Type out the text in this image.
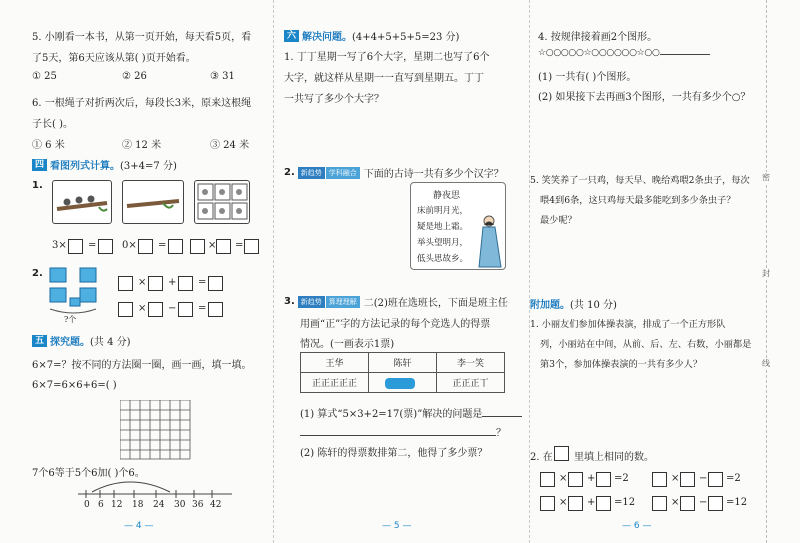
5. 小刚看一本书，从第一页开始，每天看5页，看
了5天，第6天应该从第( )页开始看。
① 25	② 26	③ 31
6. 一根绳子对折两次后，每段长3米，原来这根绳
子长( )。
① 6 米	② 12 米	③ 24 米
四 看图列式计算。 (3+4=7 分)
1.
3× =	0× =	× =
2.
?个
× + =
× − =
五 探究题。 (共 4 分)
6×7=？按不同的方法圈一圈，画一画，填一填。
6×7=6×6+6=( )
7个6等于5个6加( )个6。
0 6 12 18 24 30 36 42
— 4 —
六 解决问题。 (4+4+5+5+5=23 分)
1. 丁丁星期一写了6个大字，星期二也写了6个
大字，就这样从星期一一直写到星期五。丁丁
一共写了多少个大字？
2. 新趋势	学科融合 下面的古诗一共有多少个汉字？
静夜思
床前明月光，
疑是地上霜。
举头望明月，
低头思故乡。
3. 新趋势	算理理解 二(2)班在选班长，下面是班主任
用画“正”字的方法记录的每个竞选人的得票
情况。(一画表示1票)
王华	陈轩	李一笑
正正正正正		正正正丅
(1) 算式“5×3+2=17(票)”解决的问题是
？
(2) 陈轩的得票数排第二，他得了多少票？
— 5 —
4. 按规律接着画2个图形。
☆○○○○○☆○○○○○○☆○○
(1) 一共有( )个图形。
(2) 如果接下去再画3个图形，一共有多少个○？
5. 笑笑养了一只鸡，每天早、晚给鸡喂2条虫子，每次
喂4到6条，这只鸡每天最多能吃到多少条虫子？
最少呢？
附加题。 (共 10 分)
1. 小丽友们参加体操表演，排成了一个正方形队
列，小丽站在中间，从前、后、左、右数，小丽都是
第3个，参加体操表演的一共有多少人？
2. 在 里填上相同的数。
× + =2	× − =2
× + =12	× − =12
— 6 —
密
封
线
